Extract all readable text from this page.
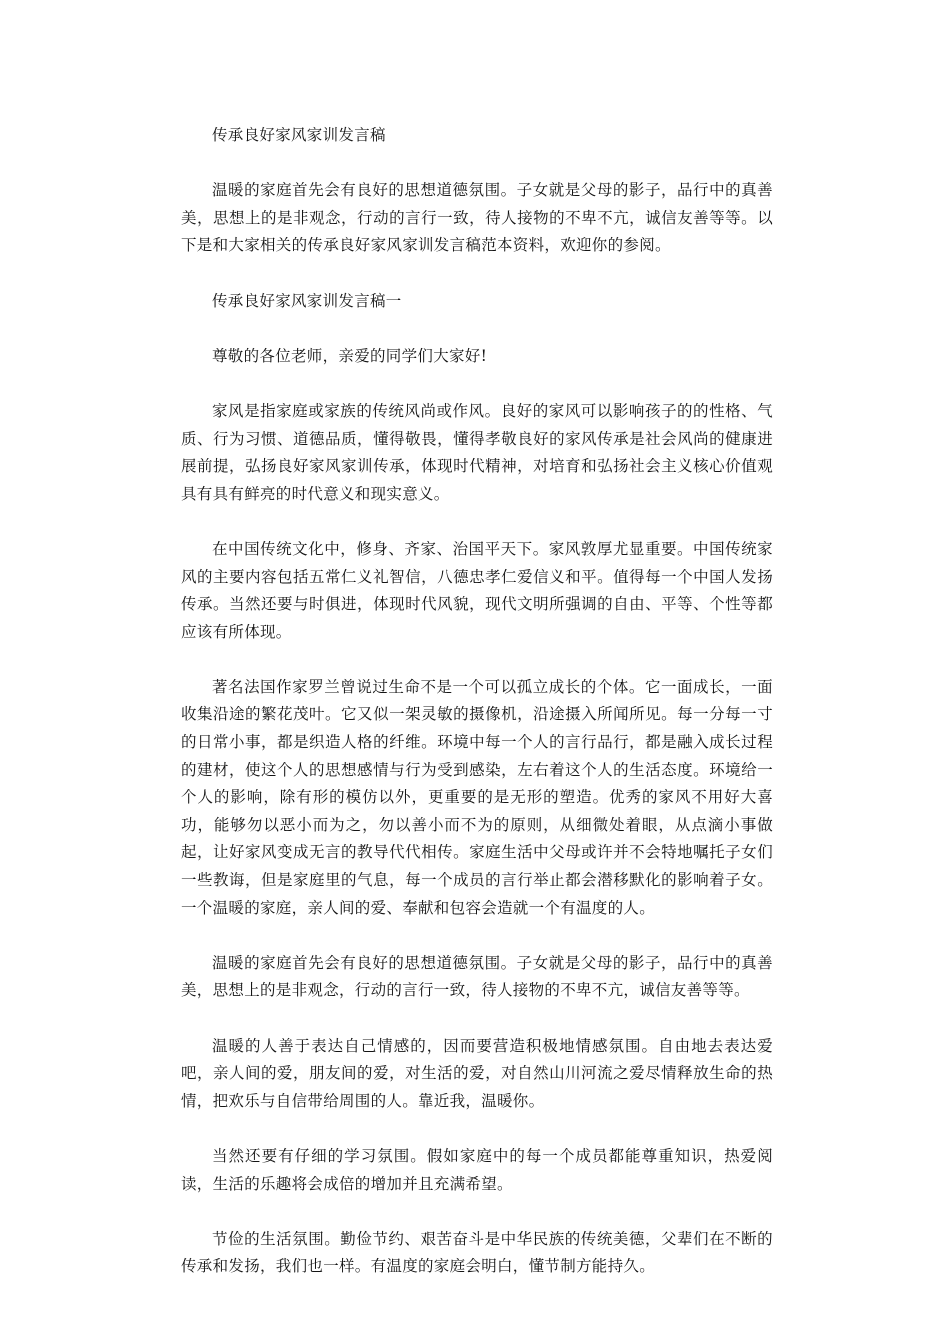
传承良好家风家训发言稿

温暖的家庭首先会有良好的思想道德氛围。子女就是父母的影子，品行中的真善美，思想上的是非观念，行动的言行一致，待人接物的不卑不亢，诚信友善等等。以下是和大家相关的传承良好家风家训发言稿范本资料，欢迎你的参阅。

传承良好家风家训发言稿一

尊敬的各位老师，亲爱的同学们大家好!

家风是指家庭或家族的传统风尚或作风。良好的家风可以影响孩子的的性格、气质、行为习惯、道德品质，懂得敬畏，懂得孝敬良好的家风传承是社会风尚的健康进展前提，弘扬良好家风家训传承，体现时代精神，对培育和弘扬社会主义核心价值观具有具有鲜亮的时代意义和现实意义。

在中国传统文化中，修身、齐家、治国平天下。家风敦厚尤显重要。中国传统家风的主要内容包括五常仁义礼智信，八德忠孝仁爱信义和平。值得每一个中国人发扬传承。当然还要与时俱进，体现时代风貌，现代文明所强调的自由、平等、个性等都应该有所体现。

著名法国作家罗兰曾说过生命不是一个可以孤立成长的个体。它一面成长，一面收集沿途的繁花茂叶。它又似一架灵敏的摄像机，沿途摄入所闻所见。每一分每一寸的日常小事，都是织造人格的纤维。环境中每一个人的言行品行，都是融入成长过程的建材，使这个人的思想感情与行为受到感染，左右着这个人的生活态度。环境给一个人的影响，除有形的模仿以外，更重要的是无形的塑造。优秀的家风不用好大喜功，能够勿以恶小而为之，勿以善小而不为的原则，从细微处着眼，从点滴小事做起，让好家风变成无言的教导代代相传。家庭生活中父母或许并不会特地嘱托子女们一些教诲，但是家庭里的气息，每一个成员的言行举止都会潜移默化的影响着子女。一个温暖的家庭，亲人间的爱、奉献和包容会造就一个有温度的人。

温暖的家庭首先会有良好的思想道德氛围。子女就是父母的影子，品行中的真善美，思想上的是非观念，行动的言行一致，待人接物的不卑不亢，诚信友善等等。

温暖的人善于表达自己情感的，因而要营造积极地情感氛围。自由地去表达爱吧，亲人间的爱，朋友间的爱，对生活的爱，对自然山川河流之爱尽情释放生命的热情，把欢乐与自信带给周围的人。靠近我，温暖你。

当然还要有仔细的学习氛围。假如家庭中的每一个成员都能尊重知识，热爱阅读，生活的乐趣将会成倍的增加并且充满希望。

节俭的生活氛围。勤俭节约、艰苦奋斗是中华民族的传统美德，父辈们在不断的传承和发扬，我们也一样。有温度的家庭会明白，懂节制方能持久。
